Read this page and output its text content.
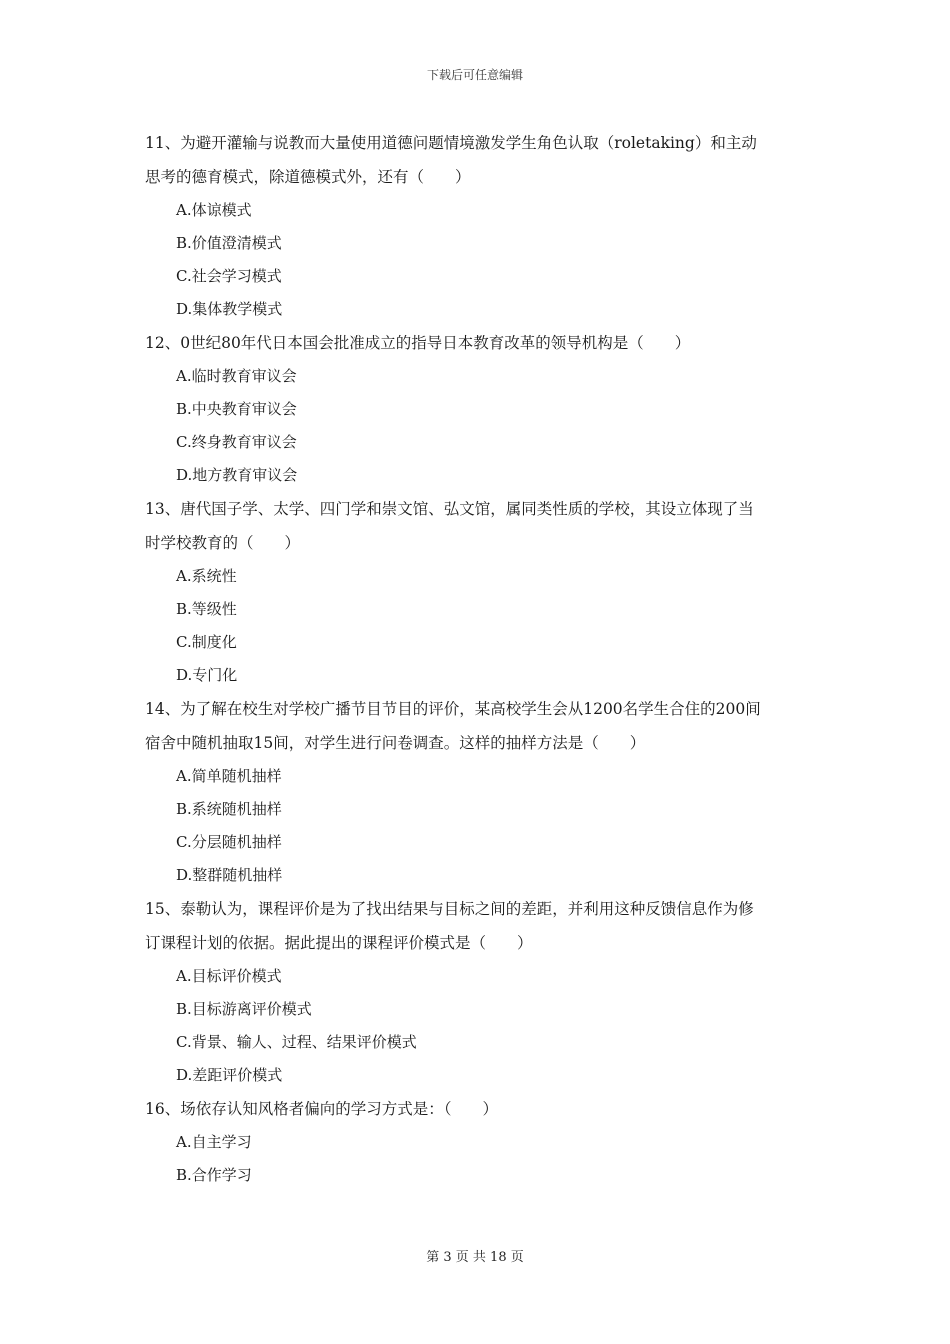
下载后可任意编辑

11、为避开灌输与说教而大量使用道德问题情境激发学生角色认取（roletaking）和主动

思考的德育模式，除道德模式外，还有（　　）

A.体谅模式

B.价值澄清模式

C.社会学习模式

D.集体教学模式

12、0世纪80年代日本国会批准成立的指导日本教育改革的领导机构是（　　）

A.临时教育审议会

B.中央教育审议会

C.终身教育审议会

D.地方教育审议会

13、唐代国子学、太学、四门学和崇文馆、弘文馆，属同类性质的学校，其设立体现了当

时学校教育的（　　）

A.系统性

B.等级性

C.制度化

D.专门化

14、为了解在校生对学校广播节目节目的评价，某高校学生会从1200名学生合住的200间

宿舍中随机抽取15间，对学生进行问卷调查。这样的抽样方法是（　　）

A.简单随机抽样

B.系统随机抽样

C.分层随机抽样

D.整群随机抽样

15、泰勒认为，课程评价是为了找出结果与目标之间的差距，并利用这种反馈信息作为修

订课程计划的依据。据此提出的课程评价模式是（　　）

A.目标评价模式

B.目标游离评价模式

C.背景、输人、过程、结果评价模式

D.差距评价模式

16、场依存认知风格者偏向的学习方式是：（　　）

A.自主学习

B.合作学习

第 3 页 共 18 页
